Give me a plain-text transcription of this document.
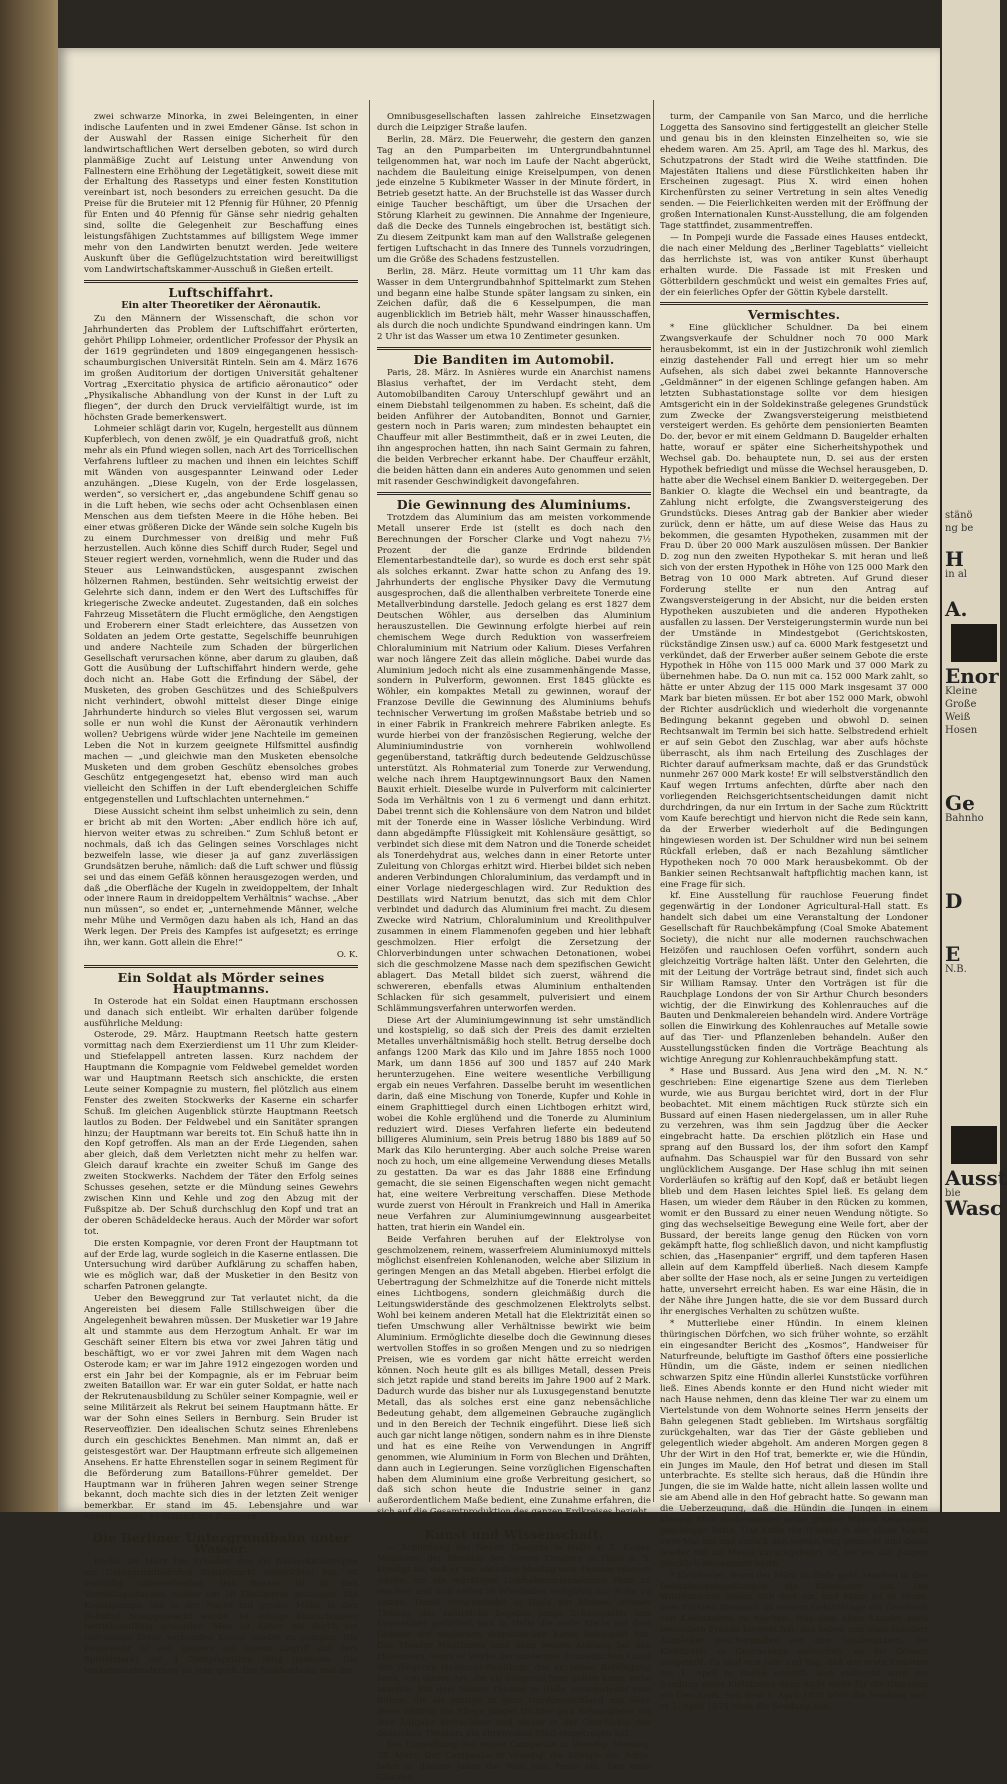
zwei schwarze Minorka, in zwei Beleingenten, in einer indische Laufenten und in zwei Emdener Gänse. Ist schon in der Auswahl der Rassen einige Sicherheit für den landwirtschaftlichen Wert derselben geboten, so wird durch planmäßige Zucht auf Leistung unter Anwendung von Fallnestern eine Erhöhung der Legetätigkeit, soweit diese mit der Erhaltung des Rassetyps und einer festen Konstitution vereinbart ist, noch besonders zu erreichen gesucht. Da die Preise für die Bruteier mit 12 Pfennig für Hühner, 20 Pfennig für Enten und 40 Pfennig für Gänse sehr niedrig gehalten sind, sollte die Gelegenheit zur Beschaffung eines leistungsfähigen Zuchtstammes auf billigstem Wege immer mehr von den Landwirten benutzt werden. Jede weitere Auskunft über die Geflügelzuchtstation wird bereitwilligst vom Landwirtschaftskammer-Ausschuß in Gießen erteilt.

Luftschiffahrt.
Ein alter Theoretiker der Aëronautik.

Zu den Männern der Wissenschaft, die schon vor Jahrhunderten das Problem der Luftschiffahrt erörterten, gehört Philipp Lohmeier, ordentlicher Professor der Physik an der 1619 gegründeten und 1809 eingegangenen hessisch-schaumburgischen Universität Rinteln. Sein am 4. März 1676 im großen Auditorium der dortigen Universität gehaltener Vortrag „Exercitatio physica de artificio aëronautico“ oder „Physikalische Abhandlung von der Kunst in der Luft zu fliegen“, der durch den Druck vervielfältigt wurde, ist im höchsten Grade bemerkenswert.

Lohmeier schlägt darin vor, Kugeln, hergestellt aus dünnem Kupferblech, von denen zwölf, je ein Quadratfuß groß, nicht mehr als ein Pfund wiegen sollen, nach Art des Torricellischen Verfahrens luftleer zu machen und ihnen ein leichtes Schiff mit Wänden von ausgespannter Leinwand oder Leder anzuhängen. „Diese Kugeln, von der Erde losgelassen, werden“, so versichert er, „das angebundene Schiff genau so in die Luft heben, wie sechs oder acht Ochsenblasen einen Menschen aus dem tiefsten Meere in die Höhe heben. Bei einer etwas größeren Dicke der Wände sein solche Kugeln bis zu einem Durchmesser von dreißig und mehr Fuß herzustellen. Auch könne dies Schiff durch Ruder, Segel und Steuer regiert werden, vornehmlich, wenn die Ruder und das Steuer aus Leinwandstücken, ausgespannt zwischen hölzernen Rahmen, bestünden. Sehr weitsichtig erweist der Gelehrte sich dann, indem er den Wert des Luftschiffes für kriegerische Zwecke andeutet. Zugestanden, daß ein solches Fahrzeug Missetätern die Flucht ermögliche, den Aengstigen und Eroberern einer Stadt erleichtere, das Aussetzen von Soldaten an jedem Orte gestatte, Segelschiffe beunruhigen und andere Nachteile zum Schaden der bürgerlichen Gesellschaft verursachen könne, aber darum zu glauben, daß Gott die Ausübung der Luftschiffahrt hindern werde, gehe doch nicht an. Habe Gott die Erfindung der Säbel, der Musketen, des groben Geschützes und des Schießpulvers nicht verhindert, obwohl mittelst dieser Dinge einige Jahrhunderte hindurch so vieles Blut vergossen sei, warum solle er nun wohl die Kunst der Aëronautik verhindern wollen? Uebrigens würde wider jene Nachteile im gemeinen Leben die Not in kurzem geeignete Hilfsmittel ausfindig machen — „und gleichwie man den Musketen ebensolche Musketen und dem groben Geschütz ebensolches grobes Geschütz entgegengesetzt hat, ebenso wird man auch vielleicht den Schiffen in der Luft ebendergleichen Schiffe entgegenstellen und Luftschlachten unternehmen.“

Diese Aussicht scheint ihm selbst unheimlich zu sein, denn er bricht ab mit den Worten: „Aber endlich höre ich auf, hiervon weiter etwas zu schreiben.“ Zum Schluß betont er nochmals, daß ich das Gelingen seines Vorschlages nicht bezweifeln lasse, wie dieser ja auf ganz zuverlässigen Grundsätzen beruhe, nämlich: daß die Luft schwer und flüssig sei und das einem Gefäß können herausgezogen werden, und daß „die Oberfläche der Kugeln in zweidoppeltem, der Inhalt oder innere Raum in dreidoppeltem Verhältnis“ wachse. „Aber nun müssen“, so endet er, „unternehmende Männer, welche mehr Mühe und Vermögen dazu haben als ich, Hand an das Werk legen. Der Preis des Kampfes ist aufgesetzt; es erringe ihn, wer kann. Gott allein die Ehre!“

O. K.
Ein Soldat als Mörder seines Hauptmanns.

In Osterode hat ein Soldat einen Hauptmann erschossen und danach sich entleibt. Wir erhalten darüber folgende ausführliche Meldung:

Osterode, 29. März. Hauptmann Reetsch hatte gestern vormittag nach dem Exerzierdienst um 11 Uhr zum Kleider- und Stiefelappell antreten lassen. Kurz nachdem der Hauptmann die Kompagnie vom Feldwebel gemeldet worden war und Hauptmann Reetsch sich anschickte, die ersten Leute seiner Kompagnie zu mustern, fiel plötzlich aus einem Fenster des zweiten Stockwerks der Kaserne ein scharfer Schuß. Im gleichen Augenblick stürzte Hauptmann Reetsch lautlos zu Boden. Der Feldwebel und ein Sanitäter sprangen hinzu; der Hauptmann war bereits tot. Ein Schuß hatte ihn in den Kopf getroffen. Als man an der Erde Liegenden, sahen aber gleich, daß dem Verletzten nicht mehr zu helfen war. Gleich darauf krachte ein zweiter Schuß im Gange des zweiten Stockwerks. Nachdem der Täter den Erfolg seines Schusses gesehen, setzte er die Mündung seines Gewehrs zwischen Kinn und Kehle und zog den Abzug mit der Fußspitze ab. Der Schuß durchschlug den Kopf und trat an der oberen Schädeldecke heraus. Auch der Mörder war sofort tot.

Die ersten Kompagnie, vor deren Front der Hauptmann tot auf der Erde lag, wurde sogleich in die Kaserne entlassen. Die Untersuchung wird darüber Aufklärung zu schaffen haben, wie es möglich war, daß der Musketier in den Besitz von scharfen Patronen gelangte.

Ueber den Beweggrund zur Tat verlautet nicht, da die Angereisten bei diesem Falle Stillschweigen über die Angelegenheit bewahren müssen. Der Musketier war 19 Jahre alt und stammte aus dem Herzogtum Anhalt. Er war im Geschäft seiner Eltern bis etwa vor zwei Jahren tätig und beschäftigt, wo er vor zwei Jahren mit dem Wagen nach Osterode kam; er war im Jahre 1912 eingezogen worden und erst ein Jahr bei der Kompagnie, als er im Februar beim zweiten Bataillon war. Er war ein guter Soldat, er hatte nach der Rekrutenausbildung zu Schüler seiner Kompagnie, weil er seine Militärzeit als Rekrut bei seinem Hauptmann hätte. Er war der Sohn eines Seilers in Bernburg. Sein Bruder ist Reserveoffizier. Den idealischen Schutz seines Ehrenlebens durch ein geschicktes Benehmen. Man nimmt an, daß er geistesgestört war. Der Hauptmann erfreute sich allgemeinen Ansehens. Er hatte Ehrenstellen sogar in seinem Regiment für die Beförderung zum Bataillons-Führer gemeldet. Der Hauptmann war in früheren Jahren wegen seiner Strenge bekannt, doch machte sich dies in der letzten Zeit weniger bemerkbar. Er stand im 45. Lebensjahre und war unverheiratet. Er stammt aus Pommern.

Die Berliner Untergrundbahn unter Wasser.

Berlin, 28. März. Der Schaden, den die Wasserkatastrophe am Untergrundbahnhof Spittelmarkt angerichtet hat, ist vorläufig unberechenbar. Das Wasser ist in den Vormittagsstunden wieder um 10 Zentimeter gestiegen. Die Kesselpumpe, die in der Nacht mit großer Mühe in den Bahnhof hinabgebracht wurde, ist infolge Kurzschlusses betriebsunfähig geworden. Man ist daher, die durch ein Galvanisier-Kreuz verbunden Kessel wieder zu pumpen. Die Feuerwehr ist seit gestern mit einem Zugriff auf dem Spittelmarkt mit 4 Dampfspritzen tätig gewesen. Die Verkehrsbehinderung ist sehr groß. Die Straßenbahn und die

Omnibusgesellschaften lassen zahlreiche Einsetzwagen durch die Leipziger Straße laufen.

Berlin, 28. März. Die Feuerwehr, die gestern den ganzen Tag an den Pumparbeiten im Untergrundbahntunnel teilgenommen hat, war noch im Laufe der Nacht abgerückt, nachdem die Bauleitung einige Kreiselpumpen, von denen jede einzelne 5 Kubikmeter Wasser in der Minute fördert, in Betrieb gesetzt hatte. An der Bruchstelle ist das Wasser durch einige Taucher beschäftigt, um über die Ursachen der Störung Klarheit zu gewinnen. Die Annahme der Ingenieure, daß die Decke des Tunnels eingebrochen ist, bestätigt sich. Zu diesem Zeitpunkt kam man auf den Wallstraße gelegenen fertigen Luftschacht in das Innere des Tunnels vorzudringen, um die Größe des Schadens festzustellen.

Berlin, 28. März. Heute vormittag um 11 Uhr kam das Wasser in dem Untergrundbahnhof Spittelmarkt zum Stehen und begann eine halbe Stunde später langsam zu sinken, ein Zeichen dafür, daß die 6 Kesselpumpen, die man augenblicklich im Betrieb hält, mehr Wasser hinausschaffen, als durch die noch undichte Spundwand eindringen kann. Um 2 Uhr ist das Wasser um etwa 10 Zentimeter gesunken.

Die Banditen im Automobil.

Paris, 28. März. In Asnières wurde ein Anarchist namens Blasius verhaftet, der im Verdacht steht, dem Automobilbanditen Carouy Unterschlupf gewährt und an einem Diebstahl teilgenommen zu haben. Es scheint, daß die beiden Anführer der Autobanditen, Bonnot und Garnier, gestern noch in Paris waren; zum mindesten behauptet ein Chauffeur mit aller Bestimmtheit, daß er in zwei Leuten, die ihn angesprochen hatten, ihn nach Saint Germain zu fahren, die beiden Verbrecher erkannt habe. Der Chauffeur erzählt, die beiden hätten dann ein anderes Auto genommen und seien mit rasender Geschwindigkeit davongefahren.

Die Gewinnung des Aluminiums.

Trotzdem das Aluminium das am meisten vorkommende Metall unserer Erde ist (stellt es doch nach den Berechnungen der Forscher Clarke und Vogt nahezu 7½ Prozent der die ganze Erdrinde bildenden Elementarbestandteile dar), so wurde es doch erst sehr spät als solches erkannt. Zwar hatte schon zu Anfang des 19. Jahrhunderts der englische Physiker Davy die Vermutung ausgesprochen, daß die allenthalben verbreitete Tonerde eine Metallverbindung darstelle. Jedoch gelang es erst 1827 dem Deutschen Wöhler, aus derselben das Aluminium herauszustellen. Die Gewinnung erfolgte hierbei auf rein chemischem Wege durch Reduktion von wasserfreiem Chloraluminium mit Natrium oder Kalium. Dieses Verfahren war noch längere Zeit das allein mögliche. Dabei wurde das Aluminium jedoch nicht als eine zusammenhängende Masse, sondern in Pulverform, gewonnen. Erst 1845 glückte es Wöhler, ein kompaktes Metall zu gewinnen, worauf der Franzose Deville die Gewinnung des Aluminiums behufs technischer Verwertung im großen Maßstabe betrieb und so in einer Fabrik in Frankreich mehrere Fabriken anlegte. Es wurde hierbei von der französischen Regierung, welche der Aluminiumindustrie von vornherein wohlwollend gegenüberstand, tatkräftig durch bedeutende Geldzuschüsse unterstützt. Als Rohmaterial zum Tonerde zur Verwendung, welche nach ihrem Hauptgewinnungsort Baux den Namen Bauxit erhielt. Dieselbe wurde in Pulverform mit calcinierter Soda im Verhältnis von 1 zu 6 vermengt und dann erhitzt. Dabei trennt sich die Kohlensäure von dem Natron und bildet mit der Tonerde eine in Wasser lösliche Verbindung. Wird dann abgedämpfte Flüssigkeit mit Kohlensäure gesättigt, so verbindet sich diese mit dem Natron und die Tonerde scheidet als Tonerdehydrat aus, welches dann in einer Retorte unter Zuleitung von Chlorgas erhitzt wird. Hierbei bildet sich neben anderen Verbindungen Chloraluminium, das verdampft und in einer Vorlage niedergeschlagen wird. Zur Reduktion des Destillats wird Natrium benutzt, das sich mit dem Chlor verbindet und dadurch das Aluminium frei macht. Zu diesem Zwecke wird Natrium, Chloraluminium und Kreolithpulver zusammen in einem Flammenofen gegeben und hier lebhaft geschmolzen. Hier erfolgt die Zersetzung der Chlorverbindungen unter schwachen Detonationen, wobei sich die geschmolzene Masse nach dem spezifischen Gewicht ablagert. Das Metall bildet sich zuerst, während die schwereren, ebenfalls etwas Aluminium enthaltenden Schlacken für sich gesammelt, pulverisiert und einem Schlämmungsverfahren unterworfen werden.

Diese Art der Aluminiumgewinnung ist sehr umständlich und kostspielig, so daß sich der Preis des damit erzielten Metalles unverhältnismäßig hoch stellt. Betrug derselbe doch anfangs 1200 Mark das Kilo und im Jahre 1855 noch 1000 Mark, um dann 1856 auf 300 und 1857 auf 240 Mark herunterzugehen. Eine weitere wesentliche Verbilligung ergab ein neues Verfahren. Dasselbe beruht im wesentlichen darin, daß eine Mischung von Tonerde, Kupfer und Kohle in einem Graphittiegel durch einen Lichtbogen erhitzt wird, wobei die Kohle erglühend und die Tonerde zu Aluminium reduziert wird. Dieses Verfahren lieferte ein bedeutend billigeres Aluminium, sein Preis betrug 1880 bis 1889 auf 50 Mark das Kilo herunterging. Aber auch solche Preise waren noch zu hoch, um eine allgemeine Verwendung dieses Metalls zu gestatten. Da war es das Jahr 1888 eine Erfindung gemacht, die sie seinen Eigenschaften wegen nicht gemacht hat, eine weitere Verbreitung verschaffen. Diese Methode wurde zuerst von Héroult in Frankreich und Hall in Amerika neue Verfahren zur Aluminiumgewinnung ausgearbeitet hatten, trat hierin ein Wandel ein.

Beide Verfahren beruhen auf der Elektrolyse von geschmolzenem, reinem, wasserfreiem Aluminiumoxyd mittels möglichst eisenfreien Kohlenanoden, welche aber Silizium in geringen Mengen an das Metall abgeben. Hierbei erfolgt die Uebertragung der Schmelzhitze auf die Tonerde nicht mittels eines Lichtbogens, sondern gleichmäßig durch die Leitungswiderstände des geschmolzenen Elektrolyts selbst. Wohl bei keinem anderen Metall hat die Elektrizität einen so tiefen Umschwung aller Verhältnisse bewirkt wie beim Aluminium. Ermöglichte dieselbe doch die Gewinnung dieses wertvollen Stoffes in so großen Mengen und zu so niedrigen Preisen, wie es vordem gar nicht hätte erreicht werden können. Noch heute gilt es als billiges Metall, dessen Preis sich jetzt rapide und stand bereits im Jahre 1900 auf 2 Mark. Dadurch wurde das bisher nur als Luxusgegenstand benutzte Metall, das als solches erst eine ganz nebensächliche Bedeutung gehabt, dem allgemeinen Gebrauche zugänglich und in den Bereich der Technik eingeführt. Diese ließ sich auch gar nicht lange nötigen, sondern nahm es in ihre Dienste und hat es eine Reihe von Verwendungen in Angriff genommen, wie Aluminium in Form von Blechen und Drähten, dann auch in Legierungen. Seine vorzüglichen Eigenschaften haben dem Aluminium eine große Verbreitung gesichert, so daß sich schon heute die Industrie seiner in ganz außerordentlichem Maße bedient, eine Zunahme erfahren, die sich auf die Gesamtproduktion des ganzen Erdkreises bezieht.

Kunst und Wissenschaft.

— Schließung des Neuen Theaters in Halle a. S. Eugen Mauthner, der Direktor des Neuen Theaters in Halle a. S. kündigt an, daß er am nächsten Montag sein Theater räumen werde, um ein mächtiges Liebhaberunternehmen Platz zu machen und sich selbst in Wiesbaden endgültig zur Ruhe zu setzen. Damit verschwindet in Halle ein kleines, intimes Theater, das zahlreiche begabte junge Schauspieler und Dramatiker gefördert und in Halle die erste Stelle auf dem Gebiete der modernen dramatischen Kunst behauptet hat. Das Theater Mauthners fand dann besten Anklang bei den Hallensern, wenn er Werke der modernen dramatischen Kunst den jüngeren Hallenser-Publikum, das er, seiner Befähigung nach, von dieser Art, die als ausgezeichnet gelten kann, nahe brachte. Mit dem Neuen Theater in Halle verschwindet eine Bühne, die als einzige in ganz Norddeutschland mit allen ihren Mitteln die Pflege junger Dichter und Schauspieler als ihre Aufgabe betrachtete und dieser in der Geschichte des deutschen Theaters ein ehrenvolles Blatt eingetragen hat.

Die Einweihung des neuen Campanile in Venedig. Venedig, 28. März. Der Campanile in Venedig, die Königin der Adria, ladet in diesem Jahre die Welt zum Feste ein. Der neue Glocken-

turm, der Campanile von San Marco, und die herrliche Loggetta des Sansovino sind fertiggestellt an gleicher Stelle und genau bis in den kleinsten Einzelheiten so, wie sie ehedem waren. Am 25. April, am Tage des hl. Markus, des Schutzpatrons der Stadt wird die Weihe stattfinden. Die Majestäten Italiens und diese Fürstlichkeiten haben ihr Erscheinen zugesagt. Pius X. wird einen hohen Kirchenfürsten zu seiner Vertretung in sein altes Venedig senden. — Die Feierlichkeiten werden mit der Eröffnung der großen Internationalen Kunst-Ausstellung, die am folgenden Tage stattfindet, zusammentreffen.

— In Pompeji wurde die Fassade eines Hauses entdeckt, die nach einer Meldung des „Berliner Tageblatts“ vielleicht das herrlichste ist, was von antiker Kunst überhaupt erhalten wurde. Die Fassade ist mit Fresken und Götterbildern geschmückt und weist ein gemaltes Fries auf, der ein feierliches Opfer der Göttin Kybele darstellt.

Vermischtes.

* Eine glücklicher Schuldner. Da bei einem Zwangsverkaufe der Schuldner noch 70 000 Mark herausbekommt, ist ein in der Justizchronik wohl ziemlich einzig dastehender Fall und erregt hier um so mehr Aufsehen, als sich dabei zwei bekannte Hannoversche „Geldmänner“ in der eigenen Schlinge gefangen haben. Am letzten Subhastationstage sollte vor dem hiesigen Amtsgericht ein in der Soldekinstraße gelegenes Grundstück zum Zwecke der Zwangsversteigerung meistbietend versteigert werden. Es gehörte dem pensionierten Beamten Do. der, bevor er mit einem Geldmann D. Baugelder erhalten hatte, worauf er später eine Sicherheitshypothek und Wechsel gab. Do. behauptete nun, D. sei aus der ersten Hypothek befriedigt und müsse die Wechsel herausgeben, D. hatte aber die Wechsel einem Bankier D. weitergegeben. Der Bankier O. klagte die Wechsel ein und beantragte, da Zahlung nicht erfolgte, die Zwangsversteigerung des Grundstücks. Dieses Antrag gab der Bankier aber wieder zurück, denn er hätte, um auf diese Weise das Haus zu bekommen, die gesamten Hypotheken, zusammen mit der Frau D. über 20 000 Mark auszulösen müssen. Der Bankier D. zog nun den zweiten Hypothekar S. mit heran und ließ sich von der ersten Hypothek in Höhe von 125 000 Mark den Betrag von 10 000 Mark abtreten. Auf Grund dieser Forderung stellte er nun den Antrag auf Zwangsversteigerung in der Absicht, nur die beiden ersten Hypotheken auszubieten und die anderen Hypotheken ausfallen zu lassen. Der Versteigerungstermin wurde nun bei der Umstände in Mindestgebot (Gerichtskosten, rückständige Zinsen usw.) auf ca. 6000 Mark festgesetzt und verkündet, daß der Erwerber außer seinem Gebote die erste Hypothek in Höhe von 115 000 Mark und 37 000 Mark zu übernehmen habe. Da O. nun mit ca. 152 000 Mark zahlt, so hätte er unter Abzug der 115 000 Mark insgesamt 37 000 Mark bar bieten müssen. Er bot aber 152 000 Mark, obwohl der Richter ausdrücklich und wiederholt die vorgenannte Bedingung bekannt gegeben und obwohl D. seinen Rechtsanwalt im Termin bei sich hatte. Selbstredend erhielt er auf sein Gebot den Zuschlag, war aber aufs höchste überrascht, als ihm nach Erteilung des Zuschlages der Richter darauf aufmerksam machte, daß er das Grundstück nunmehr 267 000 Mark koste! Er will selbstverständlich den Kauf wegen Irrtums anfechten, dürfte aber nach den vorliegenden Reichsgerichtsentscheidungen damit nicht durchdringen, da nur ein Irrtum in der Sache zum Rücktritt vom Kaufe berechtigt und hiervon nicht die Rede sein kann, da der Erwerber wiederholt auf die Bedingungen hingewiesen worden ist. Der Schuldner wird nun bei seinem Rückfall erleben, daß er nach Bezahlung sämtlicher Hypotheken noch 70 000 Mark herausbekommt. Ob der Bankier seinen Rechtsanwalt haftpflichtig machen kann, ist eine Frage für sich.

kf. Eine Ausstellung für rauchlose Feuerung findet gegenwärtig in der Londoner Agricultural-Hall statt. Es handelt sich dabei um eine Veranstaltung der Londoner Gesellschaft für Rauchbekämpfung (Coal Smoke Abatement Society), die nicht nur alle modernen rauchschwachen Heizöfen und rauchlosen Oefen vorführt, sondern auch gleichzeitig Vorträge halten läßt. Unter den Gelehrten, die mit der Leitung der Vorträge betraut sind, findet sich auch Sir William Ramsay. Unter den Vorträgen ist für die Rauchplage Londons der von Sir Arthur Church besonders wichtig, der die Einwirkung des Kohlenrauches auf die Bauten und Denkmalereien behandeln wird. Andere Vorträge sollen die Einwirkung des Kohlenrauches auf Metalle sowie auf das Tier- und Pflanzenleben behandeln. Außer den Ausstellungsstücken finden die Vorträge Beachtung als wichtige Anregung zur Kohlenrauchbekämpfung statt.

* Hase und Bussard. Aus Jena wird den „M. N. N.“ geschrieben: Eine eigenartige Szene aus dem Tierleben wurde, wie aus Burgau berichtet wird, dort in der Flur beobachtet. Mit einem mächtigen Ruck stürzte sich ein Bussard auf einen Hasen niedergelassen, um in aller Ruhe zu verzehren, was ihm sein Jagdzug über die Aecker eingebracht hatte. Da erschien plötzlich ein Hase und sprang auf den Bussard los, der ihm sofort den Kampf aufnahm. Das Schauspiel war für den Bussard von sehr unglücklichem Ausgange. Der Hase schlug ihn mit seinen Vorderläufen so kräftig auf den Kopf, daß er betäubt liegen blieb und dem Hasen leichtes Spiel ließ. Es gelang dem Hasen, um wieder dem Räuber in den Rücken zu kommen, womit er den Bussard zu einer neuen Wendung nötigte. So ging das wechselseitige Bewegung eine Weile fort, aber der Bussard, der bereits lange genug den Rücken von vorn gekämpft hatte, flog schließlich davon, und nicht kampflustig schien, das „Hasenpanier“ ergriff, und dem tapferen Hasen allein auf dem Kampffeld überließ. Nach diesem Kampfe aber sollte der Hase noch, als er seine Jungen zu verteidigen hatte, unversehrt erreicht haben. Es war eine Häsin, die in der Nähe ihre Jungen hatte, die sie vor dem Bussard durch ihr energisches Verhalten zu schützen wußte.

* Mutterliebe einer Hündin. In einem kleinen thüringischen Dörfchen, wo sich früher wohnte, so erzählt ein eingesandter Bericht des „Kosmos“, Handweiser für Naturfreunde, beluftigte im Gasthof öfters eine possierliche Hündin, um die Gäste, indem er seinen niedlichen schwarzen Spitz eine Hündin allerlei Kunststücke vorführen ließ. Eines Abends konnte er den Hund nicht wieder mit nach Hause nehmen, denn das kleine Tier war zu einem um Viertelstunde von dem Wohnorte seines Herrn jenseits der Bahn gelegenen Stadt geblieben. Im Wirtshaus sorgfältig zurückgehalten, war das Tier der Gäste geblieben und gelegentlich wieder abgeholt. Am anderen Morgen gegen 8 Uhr der Wirt in den Hof trat, bemerkte er, wie die Hündin, ein Junges im Maule, den Hof betrat und diesen im Stall unterbrachte. Es stellte sich heraus, daß die Hündin ihre Jungen, die sie im Walde hatte, nicht allein lassen wollte und sie am Abend alle in den Hof gebracht hatte. So gewann man die Ueberzeugung, daß die Hündin die Jungen in einem kleinen Stall nacheinander unter großen Mühen heimwärts geschleppt hatte. Das hatte die Hündin in der einen Nacht zwei Mal hin und zurück den weiten Weg gemacht und dabei wieder mit im Maule zurückgekehrt ist, bis sie alle Jungen glücklich beisammen hatte.

* Kiebitzeier. Wenn der März zu Ende geht, tauchen in den Delikatessenhandlungen die Kiebitzeier auf. Die Wittelsbacher lassen sich dort ein, und kaum ist es Mode, dem Fürsten Bismarck zu seinem Geburtstage ein Geschenk von Kiebitzeiern zu machen. Was dem alten Kanzler stets besondere Freude bereitet hat, das haben nun viele Hundert Altmärker gleichermaßen von den Gutsbesitzern, die Kiebitzeier zu Geschenken aufsuchen, an die Gönner ausgeteilt. Es sind nun Jahr und Tag, daß der erste Kiebitzei am 1. April in Berlin eintrifft, und vielleicht wird die Sendung eines Kiebitzeies dann nicht mehr für die Getreuen ein Geschenk. Seit dem 1. April 1875 blieb die Sendung aus, er 1. April 1875 blieb die Sendung aus.

stänö
ng be
H
in al
A.
Enor
Kleine
Große
Weiß
Hosen
Ge
Bahnho
D
E
N.B.
Ausst
bie
Wasc
